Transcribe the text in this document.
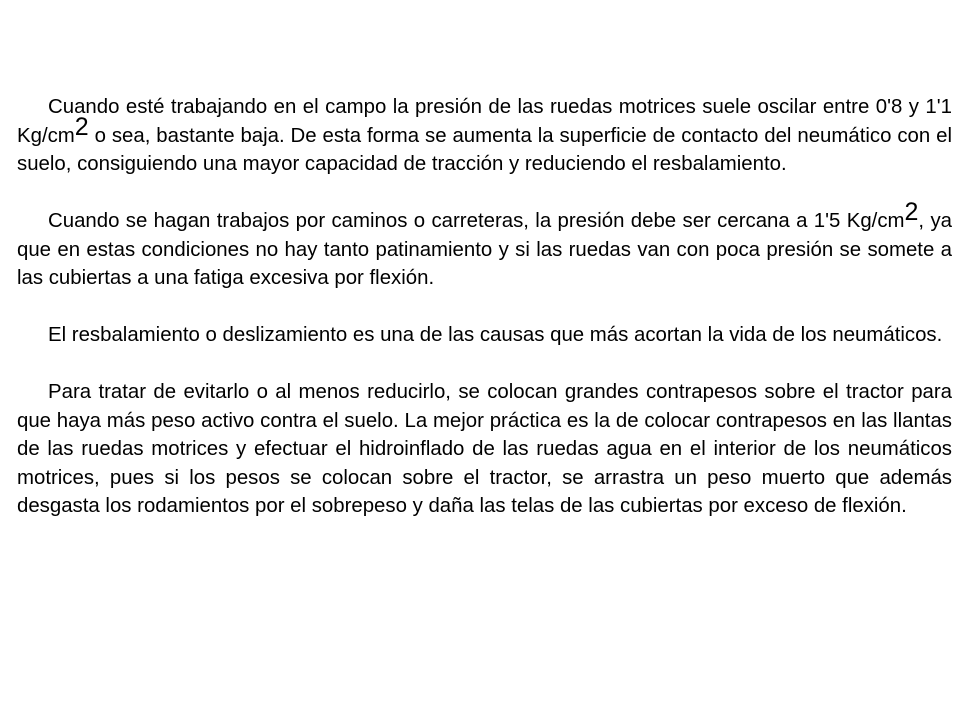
Cuando esté trabajando en el campo la presión de las ruedas motrices suele oscilar entre 0'8 y 1'1 $Kg/cm^2$ o sea, bastante baja. De esta forma se aumenta la superficie de contacto del neumático con el suelo, consiguiendo una mayor capacidad de tracción y reduciendo el resbalamiento.

Cuando se hagan trabajos por caminos o carreteras, la presión debe ser cercana a 1'5 $Kg/cm^2$, ya que en estas condiciones no hay tanto patinamiento y si las ruedas van con poca presión se somete a las cubiertas a una fatiga excesiva por flexión.

El resbalamiento o deslizamiento es una de las causas que más acortan la vida de los neumáticos.

Para tratar de evitarlo o al menos reducirlo, se colocan grandes contrapesos sobre el tractor para que haya más peso activo contra el suelo. La mejor práctica es la de colocar contrapesos en las llantas de las ruedas motrices y efectuar el hidroinflado de las ruedas agua en el interior de los neumáticos motrices, pues si los pesos se colocan sobre el tractor, se arrastra un peso muerto que además desgasta los rodamientos por el sobrepeso y daña las telas de las cubiertas por exceso de flexión.
